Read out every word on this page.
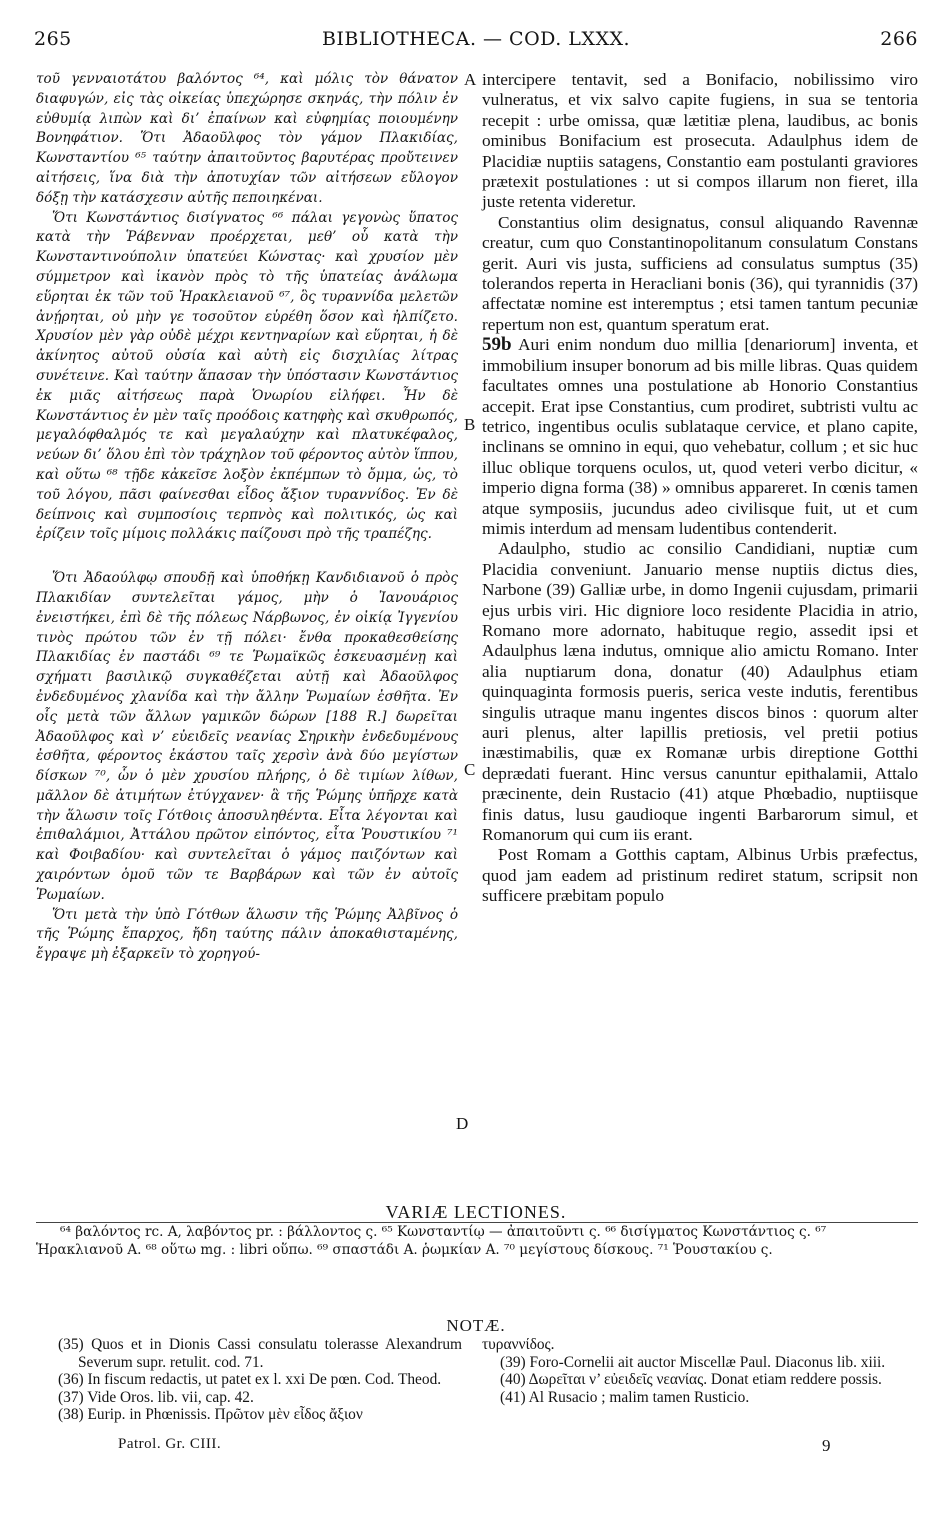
265	BIBLIOTHECA. — COD. LXXX.	266

τοῦ γενναιοτάτου βαλόντος ⁶⁴, καὶ μόλις τὸν θάνατον διαφυγών, εἰς τὰς οἰκείας ὑπεχώρησε σκηνάς, τὴν πόλιν ἐν εὐθυμίᾳ λιπὼν καὶ δι’ ἐπαίνων καὶ εὐφημίας ποιουμένην Βονηφάτιον. Ὅτι Ἀδαοῦλφος τὸν γάμον Πλακιδίας, Κωνσταντίου ⁶⁵ ταύτην ἀπαιτοῦντος βαρυτέρας προὔτεινεν αἰτήσεις, ἵνα διὰ τὴν ἀποτυχίαν τῶν αἰτήσεων εὔλογον δόξῃ τὴν κατάσχεσιν αὐτῆς πεποιηκέναι.

Ὅτι Κωνστάντιος δισίγνατος ⁶⁶ πάλαι γεγονὼς ὕπατος κατὰ τὴν Ῥάβενναν προέρχεται, μεθ’ οὗ κατὰ τὴν Κωνσταντινούπολιν ὑπατεύει Κώνστας· καὶ χρυσίον μὲν σύμμετρον καὶ ἱκανὸν πρὸς τὸ τῆς ὑπατείας ἀνάλωμα εὕρηται ἐκ τῶν τοῦ Ἡρακλειανοῦ ⁶⁷, ὃς τυραννίδα μελετῶν ἀνῄρηται, οὐ μὴν γε τοσοῦτον εὑρέθη ὅσον καὶ ἠλπίζετο. Χρυσίον μὲν γὰρ οὐδὲ μέχρι κεντηναρίων καὶ εὕρηται, ἡ δὲ ἀκίνητος αὐτοῦ οὐσία καὶ αὐτὴ εἰς δισχιλίας λίτρας συνέτεινε. Καὶ ταύτην ἅπασαν τὴν ὑπόστασιν Κωνστάντιος ἐκ μιᾶς αἰτήσεως παρὰ Ὁνωρίου εἰλήφει. Ἦν δὲ Κωνστάντιος ἐν μὲν ταῖς προόδοις κατηφὴς καὶ σκυθρωπός, μεγαλόφθαλμός τε καὶ μεγαλαύχην καὶ πλατυκέφαλος, νεύων δι’ ὅλου ἐπὶ τὸν τράχηλον τοῦ φέροντος αὐτὸν ἵππου, καὶ οὕτω ⁶⁸ τῇδε κἀκεῖσε λοξὸν ἐκπέμπων τὸ ὄμμα, ὡς, τὸ τοῦ λόγου, πᾶσι φαίνεσθαι εἶδος ἄξιον τυραννίδος. Ἐν δὲ δείπνοις καὶ συμποσίοις τερπνὸς καὶ πολιτικός, ὡς καὶ ἐρίζειν τοῖς μίμοις πολλάκις παίζουσι πρὸ τῆς τραπέζης.

Ὅτι Ἀδαούλφῳ σπουδῇ καὶ ὑποθήκῃ Κανδιδιανοῦ ὁ πρὸς Πλακιδίαν συντελεῖται γάμος, μὴν ὁ Ἰανουάριος ἐνειστήκει, ἐπὶ δὲ τῆς πόλεως Νάρβωνος, ἐν οἰκίᾳ Ἰγγενίου τινὸς πρώτου τῶν ἐν τῇ πόλει· ἔνθα προκαθεσθείσης Πλακιδίας ἐν παστάδι ⁶⁹ τε Ῥωμαϊκῶς ἐσκευασμένῃ καὶ σχήματι βασιλικῷ συγκαθέζεται αὐτῇ καὶ Ἀδαοῦλφος ἐνδεδυμένος χλανίδα καὶ τὴν ἄλλην Ῥωμαίων ἐσθῆτα. Ἐν οἷς μετὰ τῶν ἄλλων γαμικῶν δώρων [188 R.] δωρεῖται Ἀδαοῦλφος καὶ ν’ εὐειδεῖς νεανίας Σηρικὴν ἐνδεδυμένους ἐσθῆτα, φέροντος ἑκάστου ταῖς χερσὶν ἀνὰ δύο μεγίστων δίσκων ⁷⁰, ὧν ὁ μὲν χρυσίου πλήρης, ὁ δὲ τιμίων λίθων, μᾶλλον δὲ ἀτιμήτων ἐτύγχανεν· ἃ τῆς Ῥώμης ὑπῆρχε κατὰ τὴν ἅλωσιν τοῖς Γότθοις ἀποσυληθέντα. Εἶτα λέγονται καὶ ἐπιθαλάμιοι, Ἀττάλου πρῶτον εἰπόντος, εἶτα Ῥουστικίου ⁷¹ καὶ Φοιβαδίου· καὶ συντελεῖται ὁ γάμος παιζόντων καὶ χαιρόντων ὁμοῦ τῶν τε Βαρβάρων καὶ τῶν ἐν αὐτοῖς Ῥωμαίων.

Ὅτι μετὰ τὴν ὑπὸ Γότθων ἅλωσιν τῆς Ῥώμης Ἀλβῖνος ὁ τῆς Ῥώμης ἔπαρχος, ἤδη ταύτης πάλιν ἀποκαθισταμένης, ἔγραψε μὴ ἐξαρκεῖν τὸ χορηγού-

A
B
C
D

intercipere tentavit, sed a Bonifacio, nobilissimo viro vulneratus, et vix salvo capite fugiens, in sua se tentoria recepit : urbe omissa, quæ lætitiæ plena, laudibus, ac bonis ominibus Bonifacium est prosecuta. Adaulphus idem de Placidiæ nuptiis satagens, Constantio eam postulanti graviores prætexit postulationes : ut si compos illarum non fieret, illa juste retenta videretur.

Constantius olim designatus, consul aliquando Ravennæ creatur, cum quo Constantinopolitanum consulatum Constans gerit. Auri vis justa, sufficiens ad consulatus sumptus (35) tolerandos reperta in Heracliani bonis (36), qui tyrannidis (37) affectatæ nomine est interemptus ; etsi tamen tantum pecuniæ repertum non est, quantum speratum erat.

59b Auri enim nondum duo millia [denariorum] inventa, et immobilium insuper bonorum ad bis mille libras. Quas quidem facultates omnes una postulatione ab Honorio Constantius accepit. Erat ipse Constantius, cum prodiret, subtristi vultu ac tetrico, ingentibus oculis sublataque cervice, et plano capite, inclinans se omnino in equi, quo vehebatur, collum ; et sic huc illuc oblique torquens oculos, ut, quod veteri verbo dicitur, « imperio digna forma (38) » omnibus appareret. In cœnis tamen atque symposiis, jucundus adeo civilisque fuit, ut et cum mimis interdum ad mensam ludentibus contenderit.

Adaulpho, studio ac consilio Candidiani, nuptiæ cum Placidia conveniunt. Januario mense nuptiis dictus dies, Narbone (39) Galliæ urbe, in domo Ingenii cujusdam, primarii ejus urbis viri. Hic digniore loco residente Placidia in atrio, Romano more adornato, habituque regio, assedit ipsi et Adaulphus læna indutus, omnique alio amictu Romano. Inter alia nuptiarum dona, donatur (40) Adaulphus etiam quinquaginta formosis pueris, serica veste indutis, ferentibus singulis utraque manu ingentes discos binos : quorum alter auri plenus, alter lapillis pretiosis, vel pretii potius inæstimabilis, quæ ex Romanæ urbis direptione Gotthi deprædati fuerant. Hinc versus canuntur epithalamii, Attalo præcinente, dein Rustacio (41) atque Phœbadio, nuptiisque finis datus, lusu gaudioque ingenti Barbarorum simul, et Romanorum qui cum iis erant.

Post Romam a Gotthis captam, Albinus Urbis præfectus, quod jam eadem ad pristinum rediret statum, scripsit non sufficere præbitam populo

VARIÆ LECTIONES.

⁶⁴ βαλόντος rc. A, λαβόντος pr. : βάλλοντος ς. ⁶⁵ Κωνσταντίῳ — ἀπαιτοῦντι ς. ⁶⁶ δισίγματος Κωνστάντιος ς. ⁶⁷ Ἡρακλιανοῦ A. ⁶⁸ οὕτω mg. : libri οὕπω. ⁶⁹ σπαστάδι A. ῥωμκίαν A. ⁷⁰ μεγίστους δίσκους. ⁷¹ Ῥουστακίου ς.

NOTÆ.

(35) Quos et in Dionis Cassi consulatu tolerasse Alexandrum Severum supr. retulit. cod. 71.

(36) In fiscum redactis, ut patet ex l. xxi De pœn. Cod. Theod.

(37) Vide Oros. lib. vii, cap. 42.

(38) Eurip. in Phœnissis. Πρῶτον μὲν εἶδος ἄξιον

τυραννίδος.

(39) Foro-Cornelii ait auctor Miscellæ Paul. Diaconus lib. xiii.

(40) Δωρεῖται ν’ εὐειδεῖς νεανίας. Donat etiam reddere possis.

(41) Al Rusacio ; malim tamen Rusticio.

Patrol. Gr. CIII.	9
